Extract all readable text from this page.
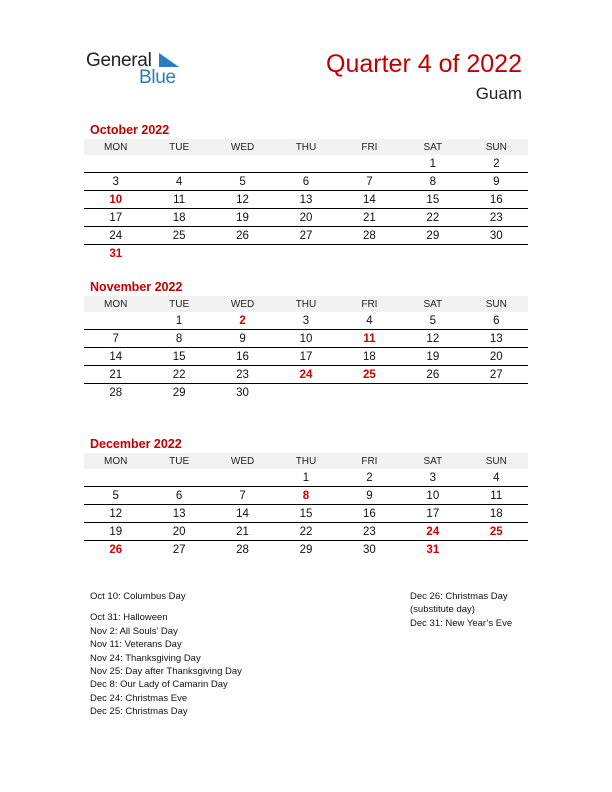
General
Blue	Quarter 4 of 2022
Guam
October 2022
MON	TUE	WED	THU	FRI	SAT	SUN
					1	2
3	4	5	6	7	8	9
10	11	12	13	14	15	16
17	18	19	20	21	22	23
24	25	26	27	28	29	30
31						
November 2022
MON	TUE	WED	THU	FRI	SAT	SUN
	1	2	3	4	5	6
7	8	9	10	11	12	13
14	15	16	17	18	19	20
21	22	23	24	25	26	27
28	29	30				
December 2022
MON	TUE	WED	THU	FRI	SAT	SUN
			1	2	3	4
5	6	7	8	9	10	11
12	13	14	15	16	17	18
19	20	21	22	23	24	25
26	27	28	29	30	31	
Oct 10: Columbus Day
Oct 31: Halloween
Nov 2: All Souls’ Day
Nov 11: Veterans Day
Nov 24: Thanksgiving Day
Nov 25: Day after Thanksgiving Day
Dec 8: Our Lady of Camarin Day
Dec 24: Christmas Eve
Dec 25: Christmas Day
Dec 26: Christmas Day
(substitute day)
Dec 31: New Year’s Eve
